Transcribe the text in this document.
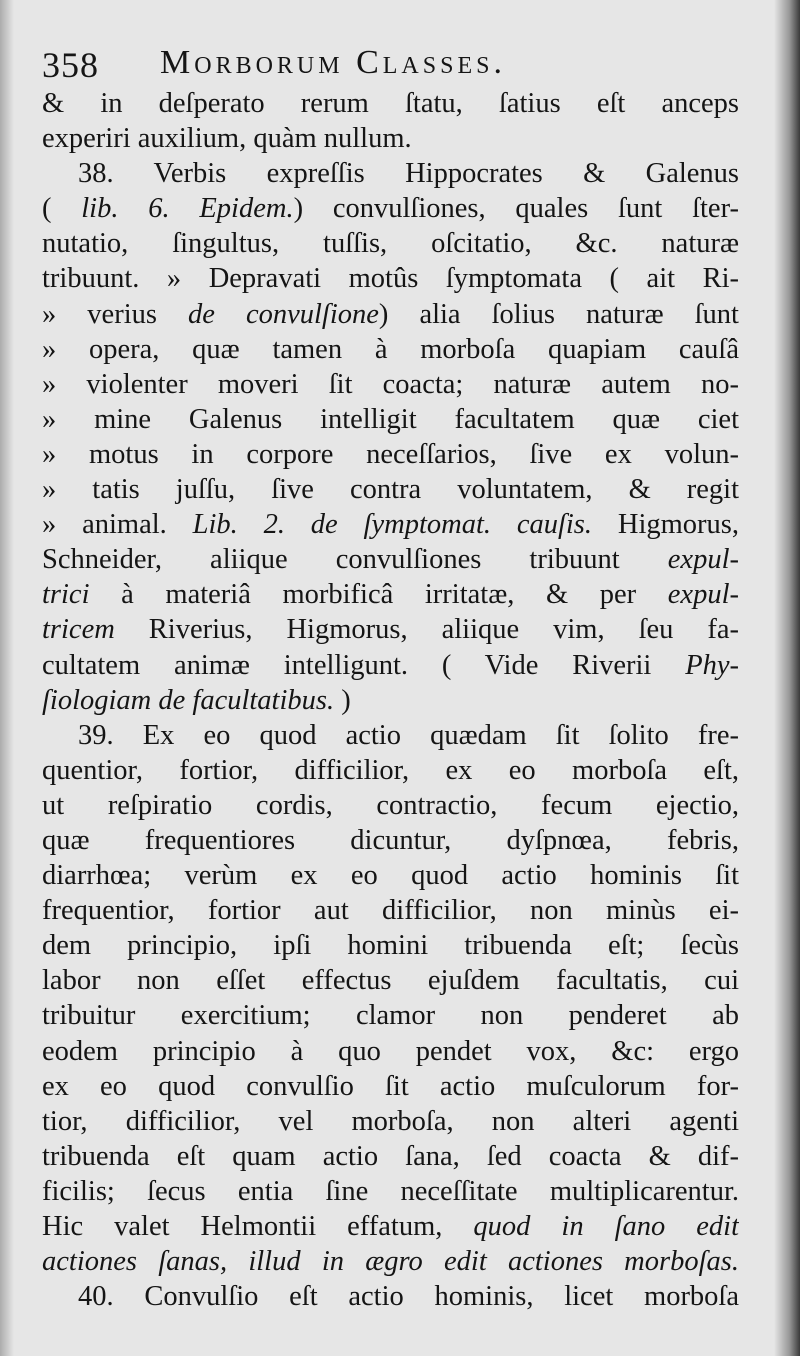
358 Morborum Classes.
& in deſperato rerum ſtatu, ſatius eſt anceps
experiri auxilium, quàm nullum.
38. Verbis expreſſis Hippocrates & Galenus
( lib. 6. Epidem.) convulſiones, quales ſunt ſter-
nutatio, ſingultus, tuſſis, oſcitatio, &c. naturæ
tribuunt. » Depravati motûs ſymptomata ( ait Ri-
» verius de convulſione) alia ſolius naturæ ſunt
» opera, quæ tamen à morboſa quapiam cauſâ
» violenter moveri ſit coacta; naturæ autem no-
» mine Galenus intelligit facultatem quæ ciet
» motus in corpore neceſſarios, ſive ex volun-
» tatis juſſu, ſive contra voluntatem, & regit
» animal. Lib. 2. de ſymptomat. cauſis. Higmorus,
Schneider, aliique convulſiones tribuunt expul-
trici à materiâ morbificâ irritatæ, & per expul-
tricem Riverius, Higmorus, aliique vim, ſeu fa-
cultatem animæ intelligunt. ( Vide Riverii Phy-
ſiologiam de facultatibus. )
39. Ex eo quod actio quædam ſit ſolito fre-
quentior, fortior, difficilior, ex eo morboſa eſt,
ut reſpiratio cordis, contractio, fecum ejectio,
quæ frequentiores dicuntur, dyſpnœa, febris,
diarrhœa; verùm ex eo quod actio hominis ſit
frequentior, fortior aut difficilior, non minùs ei-
dem principio, ipſi homini tribuenda eſt; ſecùs
labor non eſſet effectus ejuſdem facultatis, cui
tribuitur exercitium; clamor non penderet ab
eodem principio à quo pendet vox, &c: ergo
ex eo quod convulſio ſit actio muſculorum for-
tior, difficilior, vel morboſa, non alteri agenti
tribuenda eſt quam actio ſana, ſed coacta & dif-
ficilis; ſecus entia ſine neceſſitate multiplicarentur.
Hic valet Helmontii effatum, quod in ſano edit
actiones ſanas, illud in ægro edit actiones morboſas.
40. Convulſio eſt actio hominis, licet morboſa
